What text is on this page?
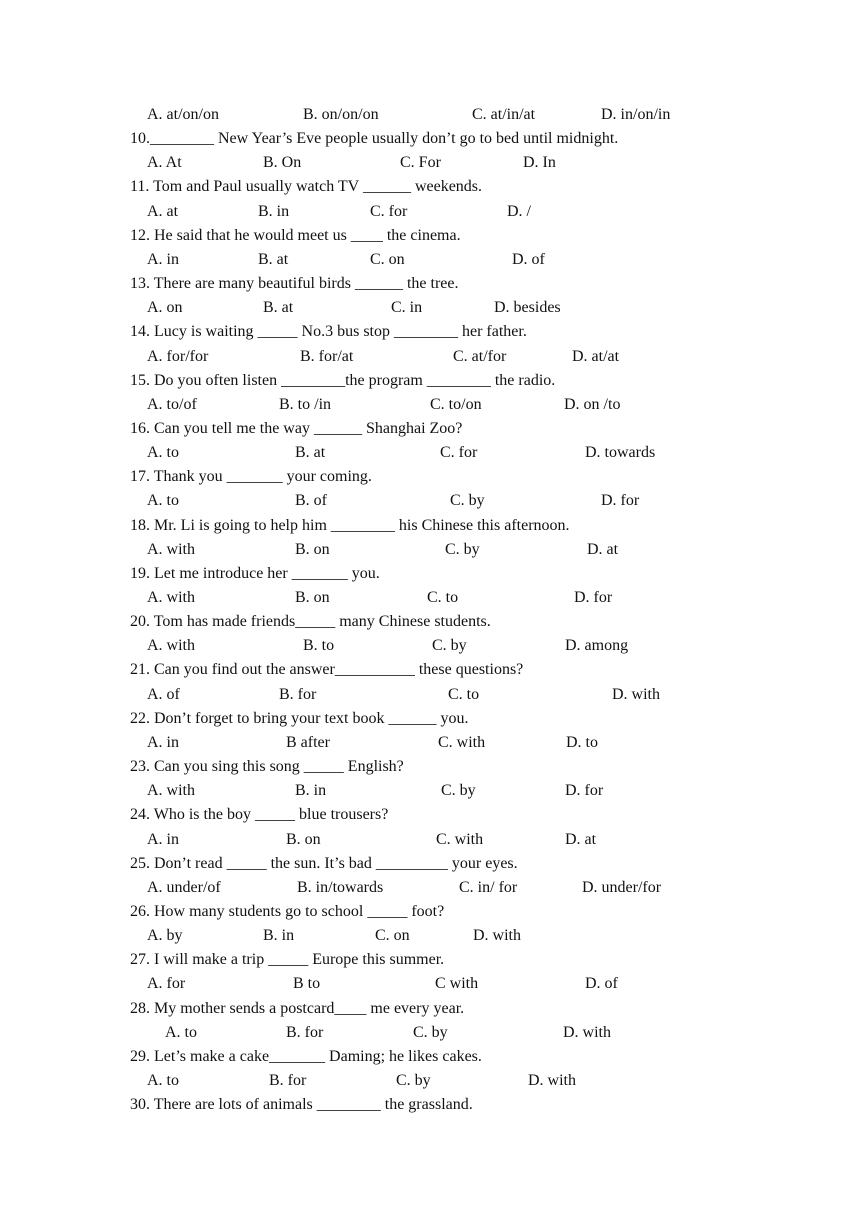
A. at/on/on	B. on/on/on	C. at/in/at	D. in/on/in
10.________ New Year’s Eve people usually don’t go to bed until midnight.
A. At	B. On	C. For	D. In
11. Tom and Paul usually watch TV ______ weekends.
A. at	B. in	C. for	D. /
12. He said that he would meet us ____ the cinema.
A. in	B. at	C. on	D. of
13. There are many beautiful birds ______ the tree.
A. on	B. at	C. in	D. besides
14. Lucy is waiting _____ No.3 bus stop ________ her father.
A. for/for	B. for/at	C. at/for	D. at/at
15. Do you often listen ________the program ________ the radio.
A. to/of	B. to /in	C. to/on	D. on /to
16. Can you tell me the way ______ Shanghai Zoo?
A. to	B. at	C. for	D. towards
17. Thank you _______ your coming.
A. to	B. of	C. by	D. for
18. Mr. Li is going to help him ________ his Chinese this afternoon.
A. with	B. on	C. by	D. at
19. Let me introduce her _______ you.
A. with	B. on	C. to	D. for
20. Tom has made friends_____ many Chinese students.
A. with	B. to	C. by	D. among
21. Can you find out the answer__________ these questions?
A. of	B. for	C. to	D. with
22. Don’t forget to bring your text book ______ you.
A. in	B after	C. with	D. to
23. Can you sing this song _____ English?
A. with	B. in	C. by	D. for
24. Who is the boy _____ blue trousers?
A. in	B. on	C. with	D. at
25. Don’t read _____ the sun. It’s bad _________ your eyes.
A. under/of	B. in/towards	C. in/ for	D. under/for
26. How many students go to school _____ foot?
A. by	B. in	C. on	D. with
27. I will make a trip _____ Europe this summer.
A. for	B to	C with	D. of
28. My mother sends a postcard____ me every year.
A. to	B. for	C. by	D. with
29. Let’s make a cake_______ Daming; he likes cakes.
A. to	B. for	C. by	D. with
30. There are lots of animals ________ the grassland.
